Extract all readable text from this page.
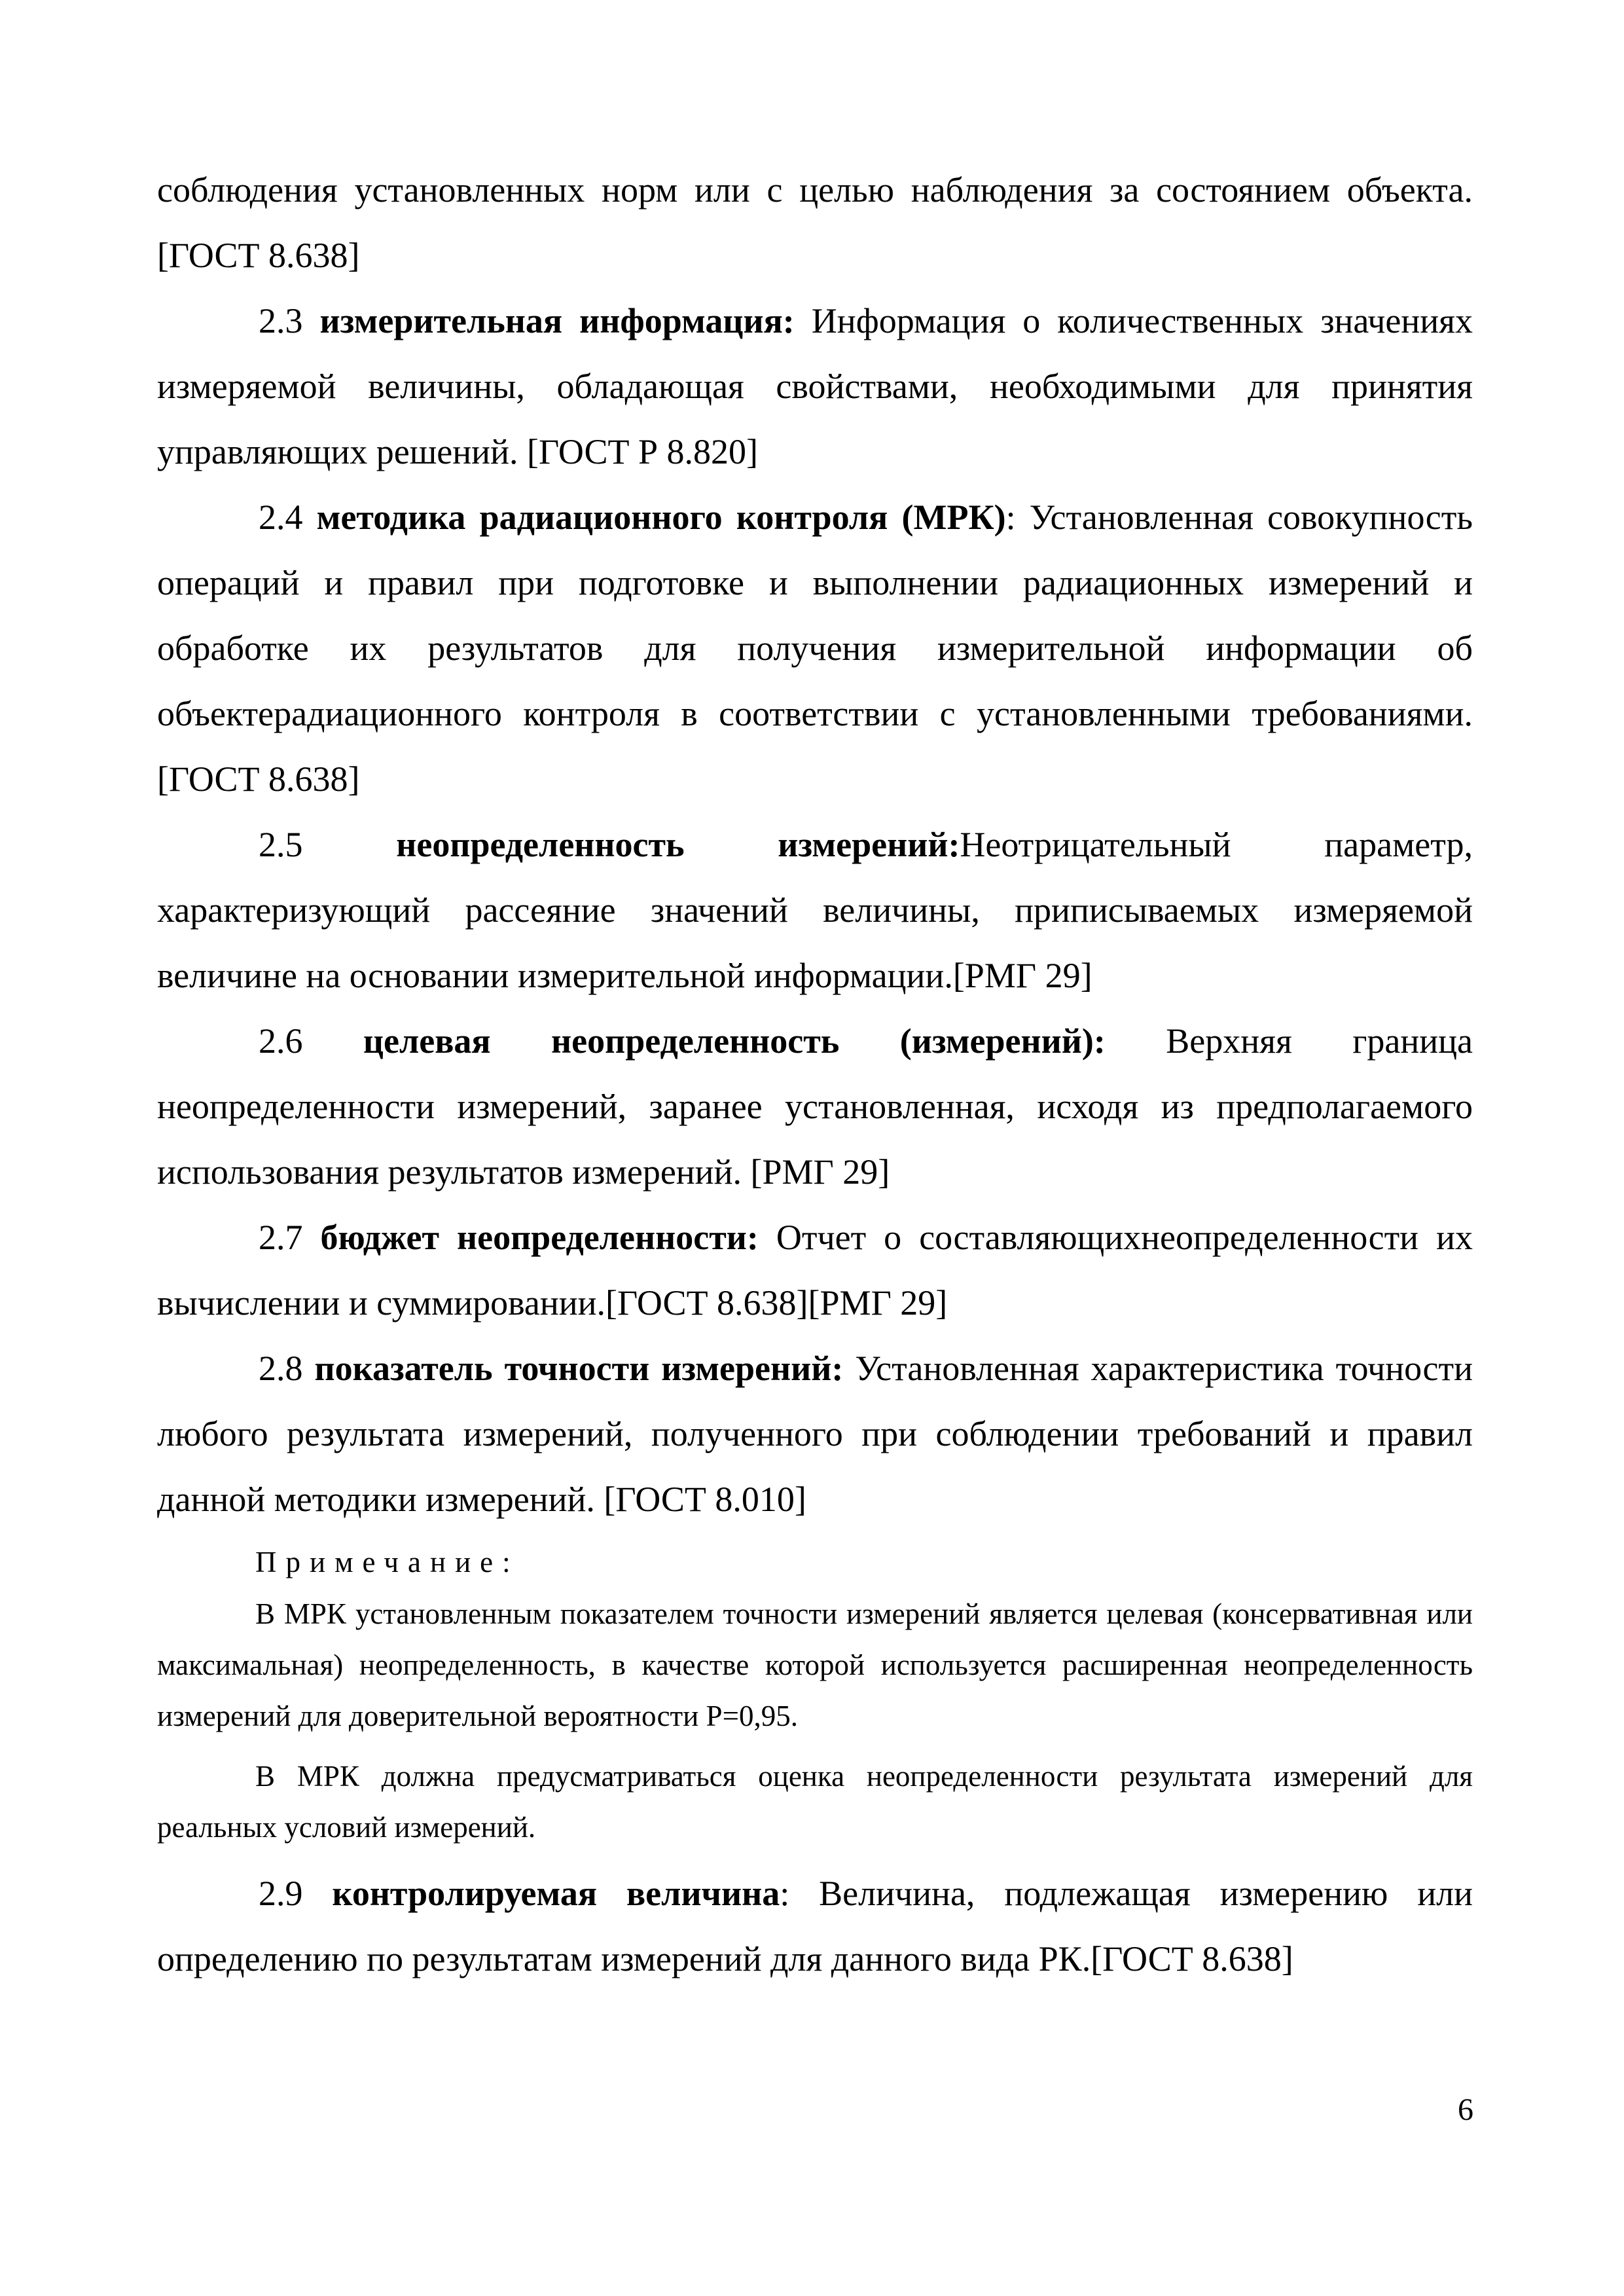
соблюдения установленных норм или с целью наблюдения за состоянием объекта. [ГОСТ 8.638]

2.3 измерительная информация: Информация о количественных значениях измеряемой величины, обладающая свойствами, необходимыми для принятия управляющих решений. [ГОСТ Р 8.820]

2.4 методика радиационного контроля (МРК): Установленная совокупность операций и правил при подготовке и выполнении радиационных измерений и обработке их результатов для получения измерительной информации об объектерадиационного контроля в соответствии с установленными требованиями.[ГОСТ 8.638]

2.5	неопределенность измерений:Неотрицательный параметр, характеризующий рассеяние значений величины, приписываемых измеряемой величине на основании измерительной информации.[РМГ 29]

2.6 целевая неопределенность (измерений): Верхняя граница неопределенности измерений, заранее установленная, исходя из предполагаемого использования результатов измерений. [РМГ 29]

2.7 бюджет неопределенности: Отчет о составляющихнеопределенности их вычислении и суммировании.[ГОСТ 8.638][РМГ 29]

2.8 показатель точности измерений: Установленная характеристика точности любого результата измерений, полученного при соблюдении требований и правил данной методики измерений. [ГОСТ 8.010]

Примечание:

В МРК установленным показателем точности измерений является целевая (консервативная или максимальная) неопределенность, в качестве которой используется расширенная неопределенность измерений для доверительной вероятности Р=0,95.

В МРК должна предусматриваться оценка неопределенности результата измерений для реальных условий измерений.

2.9 контролируемая величина: Величина, подлежащая измерению или определению по результатам измерений для данного вида РК.[ГОСТ 8.638]

6
